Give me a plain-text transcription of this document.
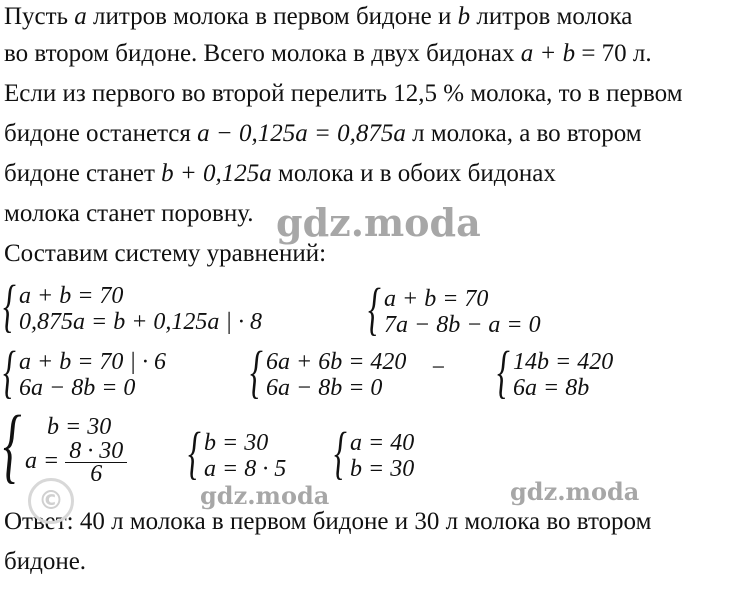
Пусть a литров молока в первом бидоне и b литров молока
во втором бидоне. Всего молока в двух бидонах a + b = 70 л.
Если из первого во второй перелить 12,5 % молока, то в первом
бидоне останется a − 0,125a = 0,875a л молока, а во втором
бидоне станет b + 0,125a молока и в обоих бидонах
молока станет поровну.
Составим систему уравнений:
{ a + b = 70
0,875a = b + 0,125a | · 8 { a + b = 70
7a − 8b − a = 0
{ a + b = 70 | · 6
6a − 8b = 0	{ 6a + 6b = 420
6a − 8b = 0
− { 14b = 420
6a = 8b
{	b = 30
$a = \frac{8 \cdot 30}{6}$ { b = 30
a = 8 · 5 { a = 40
b = 30
Ответ: 40 л молока в первом бидоне и 30 л молока во втором
бидоне.
©
gdz.moda
gdz.moda	gdz.moda
